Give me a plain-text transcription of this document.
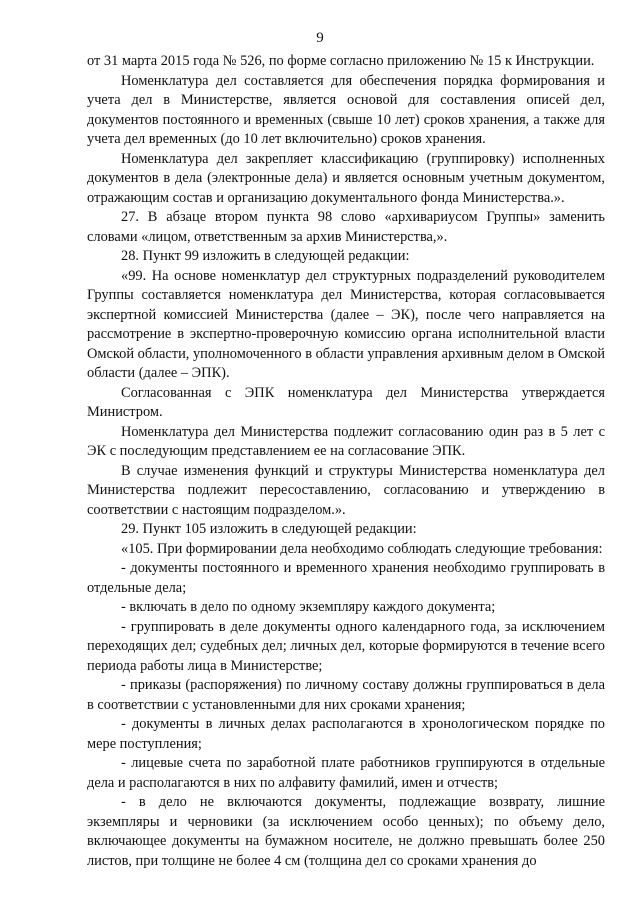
9

от 31 марта 2015 года № 526, по форме согласно приложению № 15 к Инструкции.

Номенклатура дел составляется для обеспечения порядка формирования и учета дел в Министерстве, является основой для составления описей дел, документов постоянного и временных (свыше 10 лет) сроков хранения, а также для учета дел временных (до 10 лет включительно) сроков хранения.

Номенклатура дел закрепляет классификацию (группировку) исполненных документов в дела (электронные дела) и является основным учетным документом, отражающим состав и организацию документального фонда Министерства.».

27. В абзаце втором пункта 98 слово «архивариусом Группы» заменить словами «лицом, ответственным за архив Министерства,».

28. Пункт 99 изложить в следующей редакции:

«99. На основе номенклатур дел структурных подразделений руководителем Группы составляется номенклатура дел Министерства, которая согласовывается экспертной комиссией Министерства (далее – ЭК), после чего направляется на рассмотрение в экспертно-проверочную комиссию органа исполнительной власти Омской области, уполномоченного в области управления архивным делом в Омской области (далее – ЭПК).

Согласованная с ЭПК номенклатура дел Министерства утверждается Министром.

Номенклатура дел Министерства подлежит согласованию один раз в 5 лет с ЭК с последующим представлением ее на согласование ЭПК.

В случае изменения функций и структуры Министерства номенклатура дел Министерства подлежит пересоставлению, согласованию и утверждению в соответствии с настоящим подразделом.».

29. Пункт 105 изложить в следующей редакции:

«105. При формировании дела необходимо соблюдать следующие требования:

- документы постоянного и временного хранения необходимо группировать в отдельные дела;

- включать в дело по одному экземпляру каждого документа;

- группировать в деле документы одного календарного года, за исключением переходящих дел; судебных дел; личных дел, которые формируются в течение всего периода работы лица в Министерстве;

- приказы (распоряжения) по личному составу должны группироваться в дела в соответствии с установленными для них сроками хранения;

- документы в личных делах располагаются в хронологическом порядке по мере поступления;

- лицевые счета по заработной плате работников группируются в отдельные дела и располагаются в них по алфавиту фамилий, имен и отчеств;

- в дело не включаются документы, подлежащие возврату, лишние экземпляры и черновики (за исключением особо ценных); по объему дело, включающее документы на бумажном носителе, не должно превышать более 250 листов, при толщине не более 4 см (толщина дел со сроками хранения до
